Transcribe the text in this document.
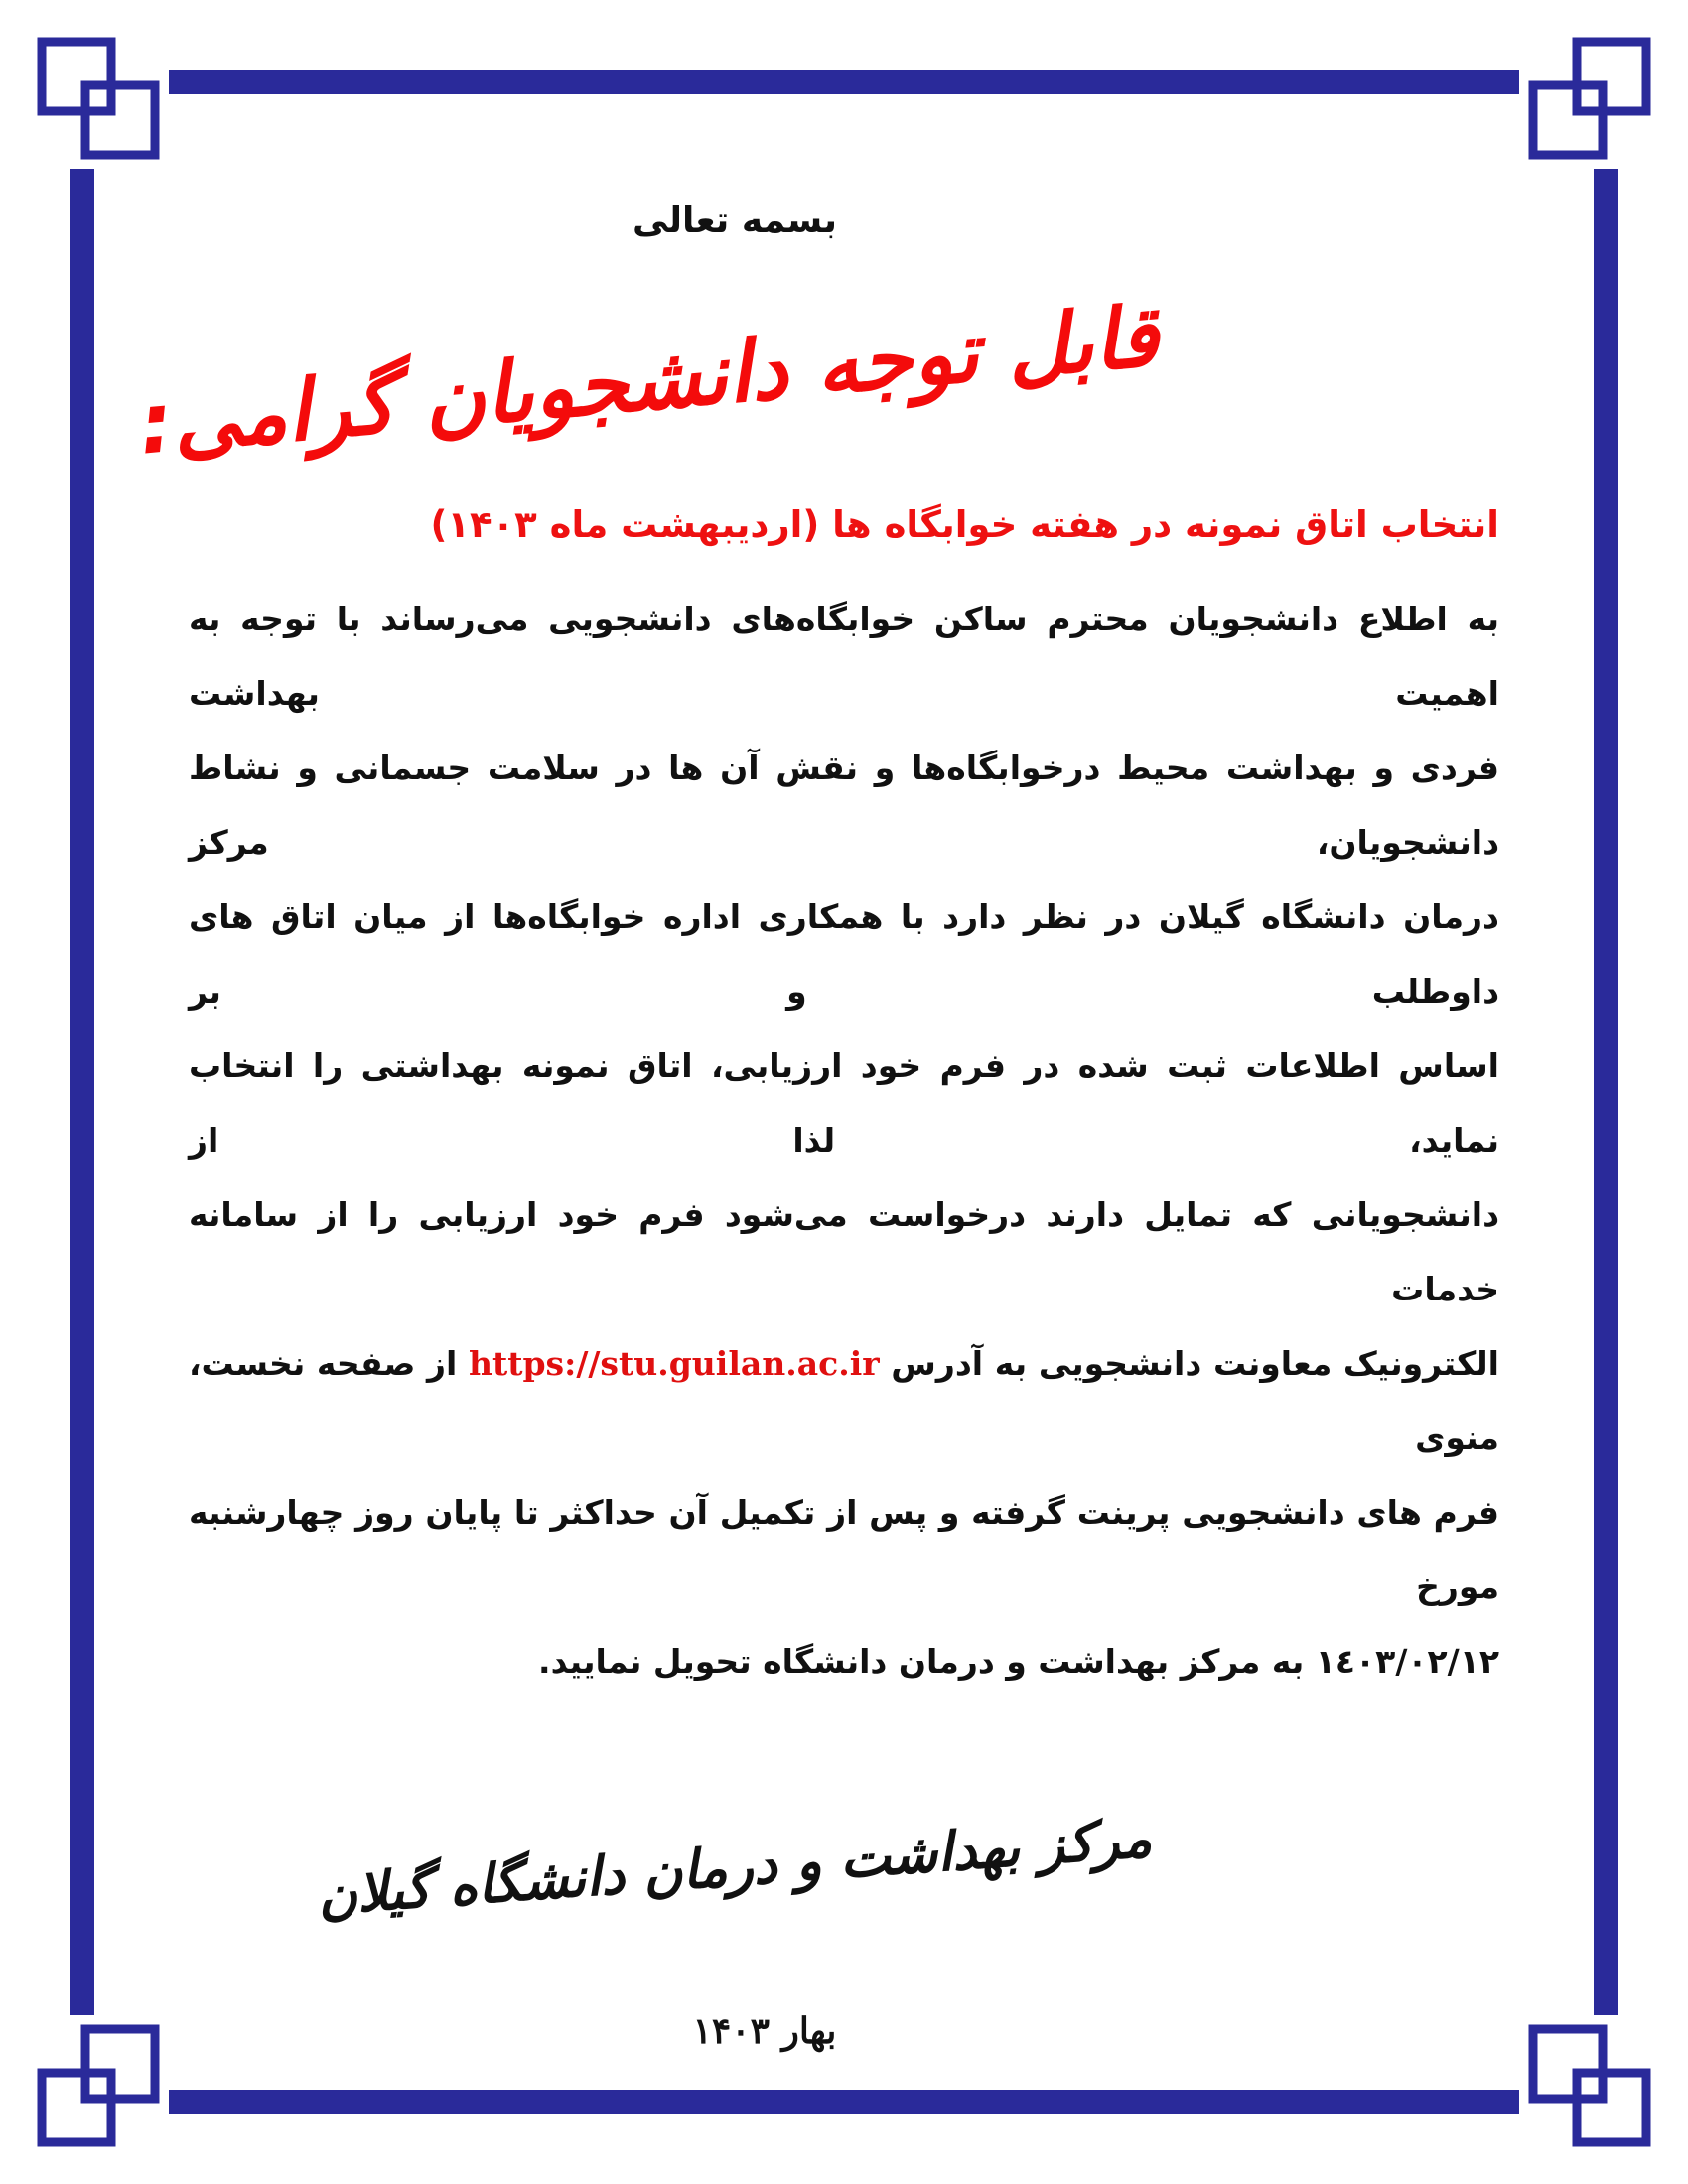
بسمه تعالی
قابل توجه دانشجویان گرامی:
انتخاب اتاق نمونه در هفته خوابگاه ها (اردیبهشت ماه ۱۴۰۳)
به اطلاع دانشجویان محترم ساکن خوابگاه‌های دانشجویی می‌رساند با توجه به اهمیت بهداشت
فردی و بهداشت محیط درخوابگاه‌ها و نقش آن ها در سلامت جسمانی و نشاط دانشجویان، مرکز
درمان دانشگاه گیلان در نظر دارد با همکاری اداره خوابگاه‌ها از میان اتاق های داوطلب و بر
اساس اطلاعات ثبت شده در فرم خود ارزیابی، اتاق نمونه بهداشتی را انتخاب نماید، لذا از
دانشجویانی که تمایل دارند درخواست می‌شود فرم خود ارزیابی را از سامانه خدمات
الکترونیک معاونت دانشجویی به آدرس https://stu.guilan.ac.ir از صفحه نخست، منوی
فرم های دانشجویی پرینت گرفته و پس از تکمیل آن حداکثر تا پایان روز چهارشنبه مورخ
١٤٠٣/٠٢/١٢ به مرکز بهداشت و درمان دانشگاه تحویل نمایید.
مرکز بهداشت و درمان دانشگاه گیلان
بهار ۱۴۰۳
